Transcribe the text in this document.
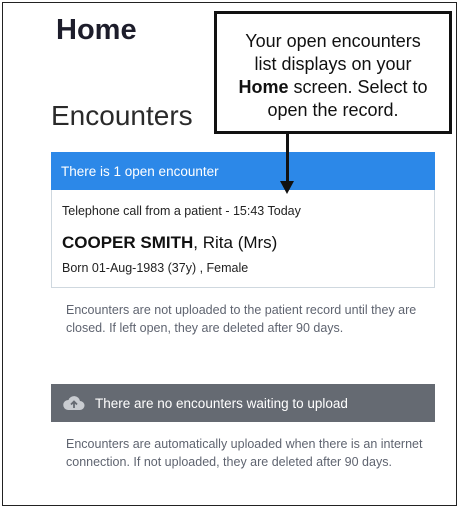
Home
Encounters
There is 1 open encounter
Telephone call from a patient - 15:43 Today
COOPER SMITH, Rita (Mrs)
Born 01-Aug-1983 (37y) , Female
Encounters are not uploaded to the patient record until they are closed. If left open, they are deleted after 90 days.
There are no encounters waiting to upload
Encounters are automatically uploaded when there is an internet connection. If not uploaded, they are deleted after 90 days.
Your open encounters
list displays on your
Home screen. Select to
open the record.
